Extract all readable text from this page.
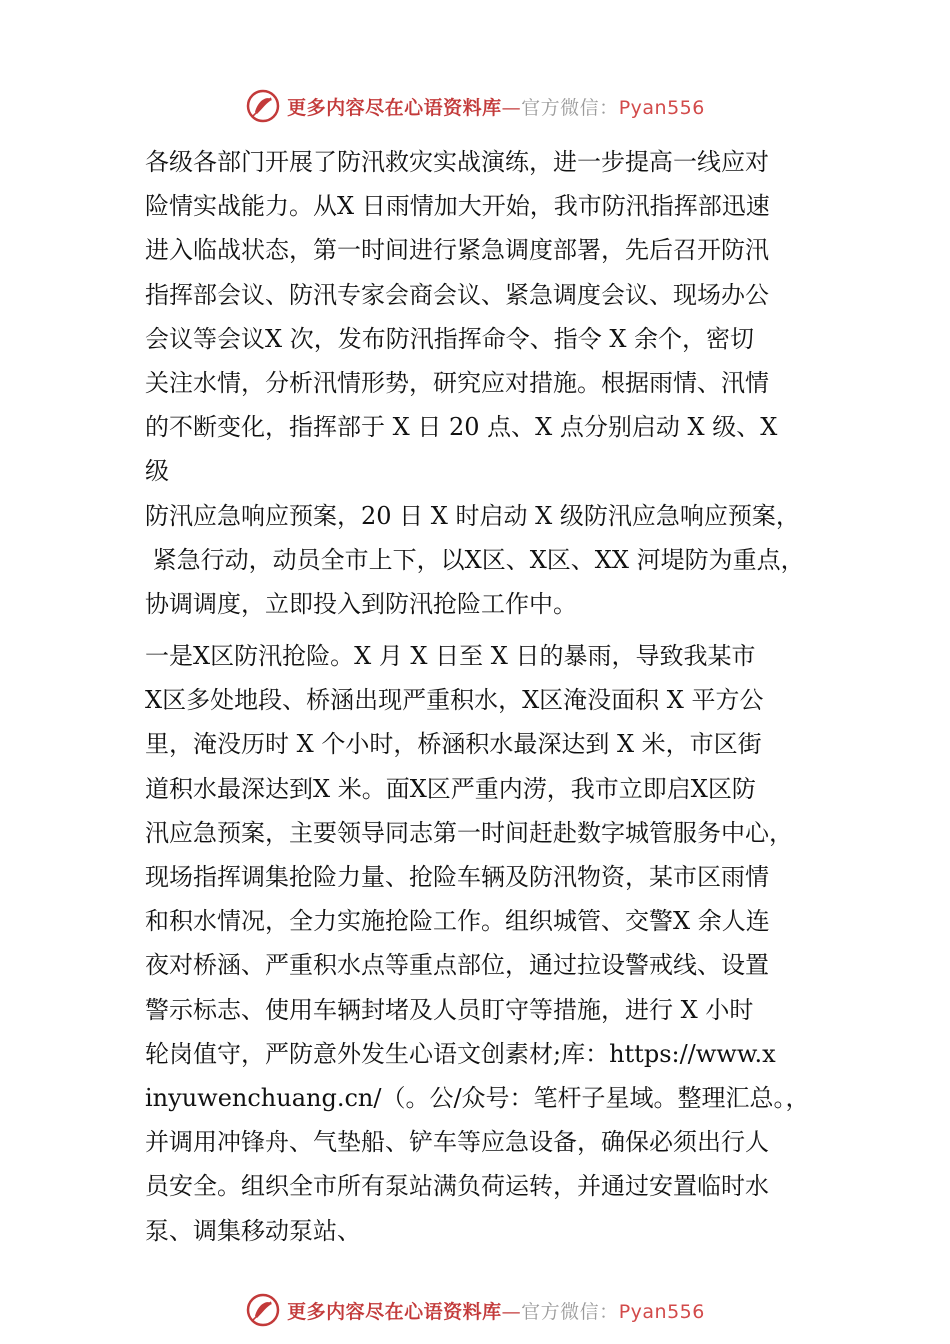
更多内容尽在心语资料库—官方微信：Pyan556
各级各部门开展了防汛救灾实战演练，进一步提高一线应对
险情实战能力。从X 日雨情加大开始，我市防汛指挥部迅速
进入临战状态，第一时间进行紧急调度部署，先后召开防汛
指挥部会议、防汛专家会商会议、紧急调度会议、现场办公
会议等会议X 次，发布防汛指挥命令、指令 X 余个，密切
关注水情，分析汛情形势，研究应对措施。根据雨情、汛情
的不断变化，指挥部于 X 日 20 点、X 点分别启动 X 级、X
级
防汛应急响应预案，20 日 X 时启动 X 级防汛应急响应预案，
紧急行动，动员全市上下，以X区、X区、XX 河堤防为重点，
协调调度，立即投入到防汛抢险工作中。
一是X区防汛抢险。X 月 X 日至 X 日的暴雨，导致我某市
X区多处地段、桥涵出现严重积水，X区淹没面积 X 平方公
里，淹没历时 X 个小时，桥涵积水最深达到 X 米，市区街
道积水最深达到X 米。面X区严重内涝，我市立即启X区防
汛应急预案，主要领导同志第一时间赶赴数字城管服务中心，
现场指挥调集抢险力量、抢险车辆及防汛物资，某市区雨情
和积水情况，全力实施抢险工作。组织城管、交警X 余人连
夜对桥涵、严重积水点等重点部位，通过拉设警戒线、设置
警示标志、使用车辆封堵及人员盯守等措施，进行 X 小时
轮岗值守，严防意外发生心语文创素材;库：https://www.x
inyuwenchuang.cn/（。公/众号：笔杆子星域。整理汇总。，
并调用冲锋舟、气垫船、铲车等应急设备，确保必须出行人
员安全。组织全市所有泵站满负荷运转，并通过安置临时水
泵、调集移动泵站、
更多内容尽在心语资料库—官方微信：Pyan556
